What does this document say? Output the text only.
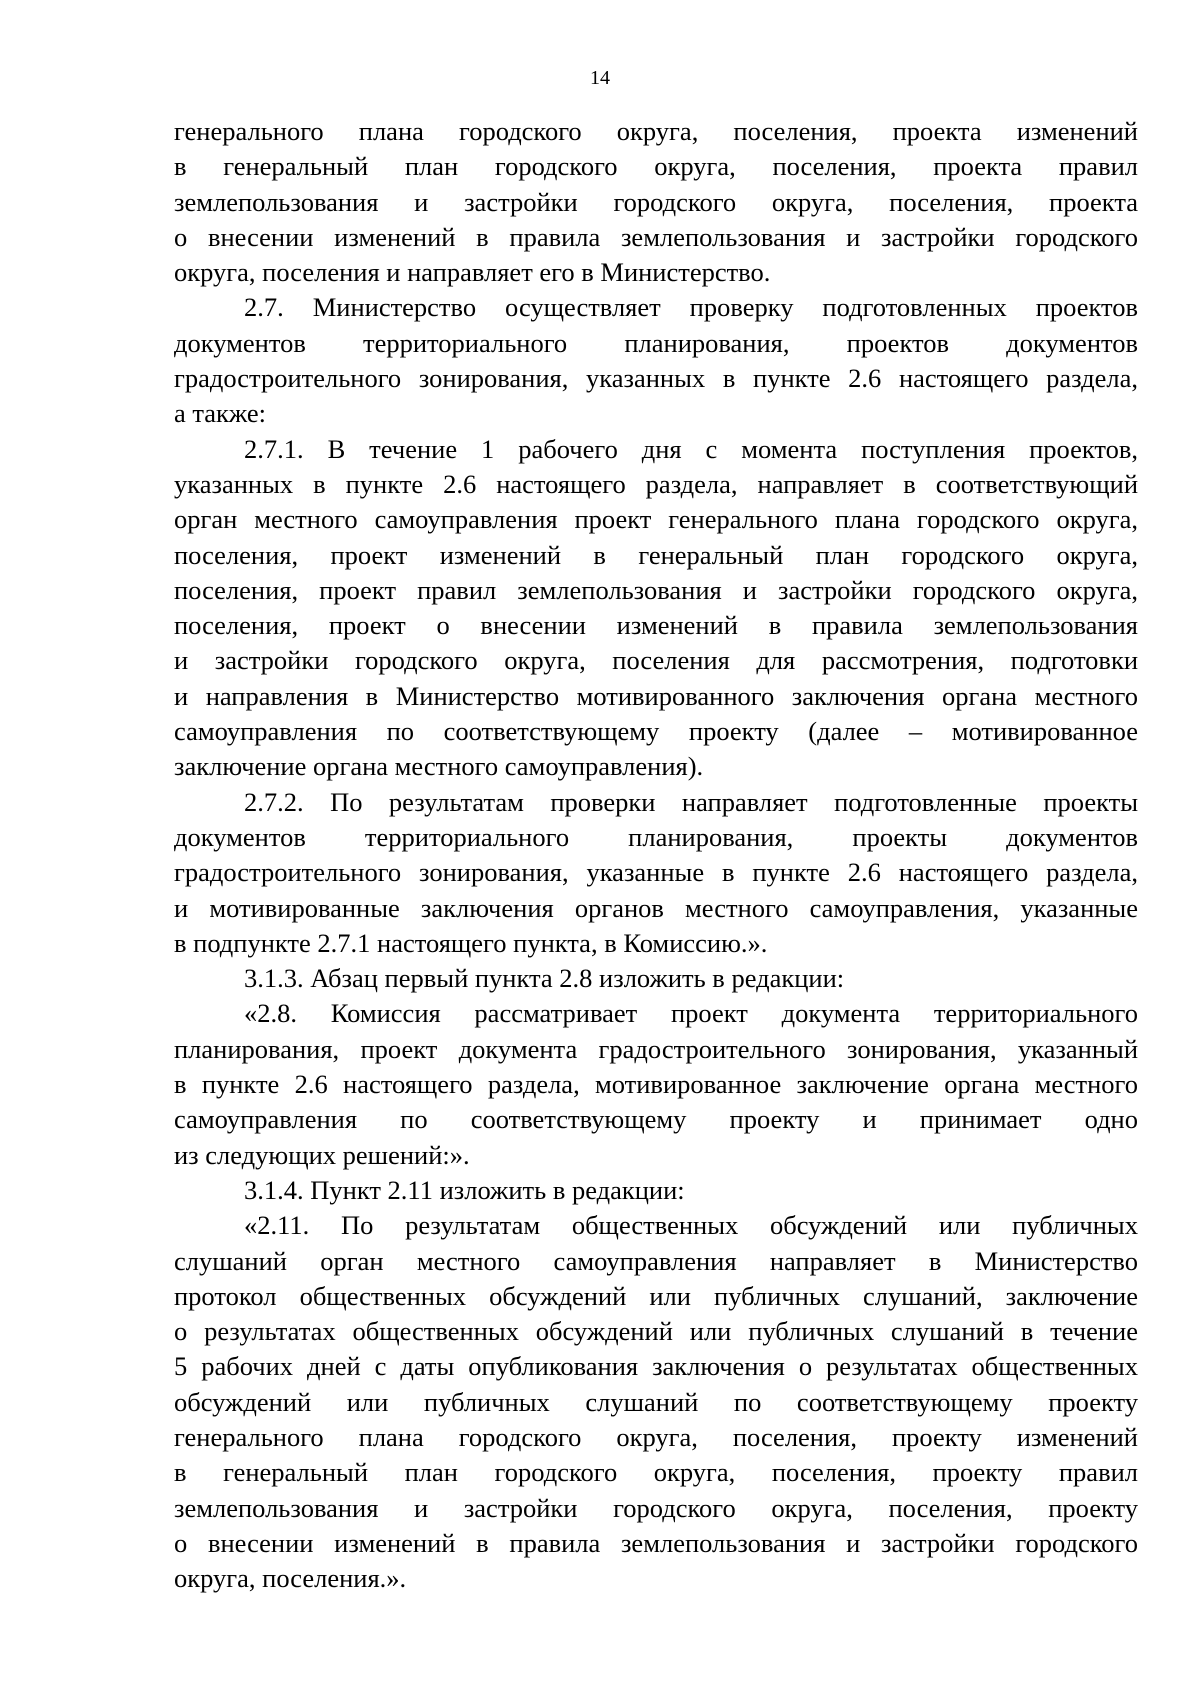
14
генерального плана городского округа, поселения, проекта изменений
в генеральный план городского округа, поселения, проекта правил
землепользования и застройки городского округа, поселения, проекта
о внесении изменений в правила землепользования и застройки городского
округа, поселения и направляет его в Министерство.
2.7. Министерство осуществляет проверку подготовленных проектов
документов территориального планирования, проектов документов
градостроительного зонирования, указанных в пункте 2.6 настоящего раздела,
а также:
2.7.1. В течение 1 рабочего дня с момента поступления проектов,
указанных в пункте 2.6 настоящего раздела, направляет в соответствующий
орган местного самоуправления проект генерального плана городского округа,
поселения, проект изменений в генеральный план городского округа,
поселения, проект правил землепользования и застройки городского округа,
поселения, проект о внесении изменений в правила землепользования
и застройки городского округа, поселения для рассмотрения, подготовки
и направления в Министерство мотивированного заключения органа местного
самоуправления по соответствующему проекту (далее – мотивированное
заключение органа местного самоуправления).
2.7.2. По результатам проверки направляет подготовленные проекты
документов территориального планирования, проекты документов
градостроительного зонирования, указанные в пункте 2.6 настоящего раздела,
и мотивированные заключения органов местного самоуправления, указанные
в подпункте 2.7.1 настоящего пункта, в Комиссию.».
3.1.3. Абзац первый пункта 2.8 изложить в редакции:
«2.8. Комиссия рассматривает проект документа территориального
планирования, проект документа градостроительного зонирования, указанный
в пункте 2.6 настоящего раздела, мотивированное заключение органа местного
самоуправления по соответствующему проекту и принимает одно
из следующих решений:».
3.1.4. Пункт 2.11 изложить в редакции:
«2.11. По результатам общественных обсуждений или публичных
слушаний орган местного самоуправления направляет в Министерство
протокол общественных обсуждений или публичных слушаний, заключение
о результатах общественных обсуждений или публичных слушаний в течение
5 рабочих дней с даты опубликования заключения о результатах общественных
обсуждений или публичных слушаний по соответствующему проекту
генерального плана городского округа, поселения, проекту изменений
в генеральный план городского округа, поселения, проекту правил
землепользования и застройки городского округа, поселения, проекту
о внесении изменений в правила землепользования и застройки городского
округа, поселения.».
